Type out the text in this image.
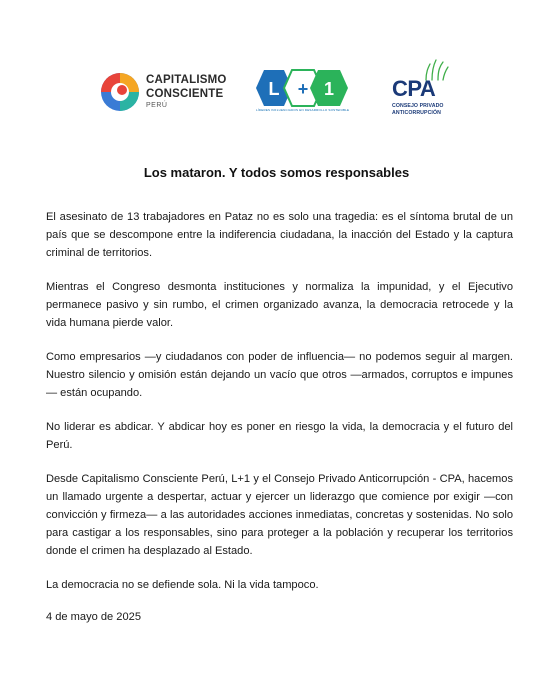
CAPITALISMO
CONSCIENTE
PERÚ
L + 1
LÍDERES INFLUENCIADOS EN DESARROLLO SOSTENIBLE
CPA
CONSEJO PRIVADO
ANTICORRUPCIÓN
Los mataron. Y todos somos responsables

El asesinato de 13 trabajadores en Pataz no es solo una tragedia: es el síntoma brutal de un país que se descompone entre la indiferencia ciudadana, la inacción del Estado y la captura criminal de territorios.

Mientras el Congreso desmonta instituciones y normaliza la impunidad, y el Ejecutivo permanece pasivo y sin rumbo, el crimen organizado avanza, la democracia retrocede y la vida humana pierde valor.

Como empresarios —y ciudadanos con poder de influencia— no podemos seguir al margen. Nuestro silencio y omisión están dejando un vacío que otros —armados, corruptos e impunes— están ocupando.

No liderar es abdicar. Y abdicar hoy es poner en riesgo la vida, la democracia y el futuro del Perú.

Desde Capitalismo Consciente Perú, L+1 y el Consejo Privado Anticorrupción - CPA, hacemos un llamado urgente a despertar, actuar y ejercer un liderazgo que comience por exigir —con convicción y firmeza— a las autoridades acciones inmediatas, concretas y sostenidas. No solo para castigar a los responsables, sino para proteger a la población y recuperar los territorios donde el crimen ha desplazado al Estado.

La democracia no se defiende sola. Ni la vida tampoco.

4 de mayo de 2025
